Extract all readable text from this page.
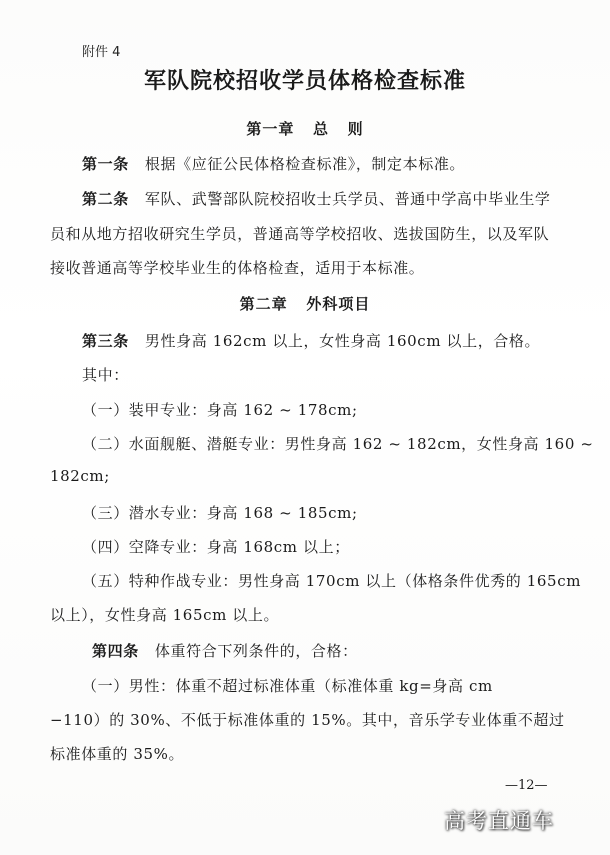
附件 4
军队院校招收学员体格检查标准
第一章   总   则
第一条 根据《应征公民体格检查标准》，制定本标准。
第二条 军队、武警部队院校招收士兵学员、普通中学高中毕业生学
员和从地方招收研究生学员，普通高等学校招收、选拔国防生，以及军队
接收普通高等学校毕业生的体格检查，适用于本标准。
第二章   外科项目
第三条 男性身高 162cm 以上，女性身高 160cm 以上，合格。
其中：
（一）装甲专业：身高 162 ~ 178cm;
（二）水面舰艇、潜艇专业：男性身高 162 ~ 182cm，女性身高 160 ~
182cm;
（三）潜水专业：身高 168 ~ 185cm;
（四）空降专业：身高 168cm 以上；
（五）特种作战专业：男性身高 170cm 以上（体格条件优秀的 165cm
以上），女性身高 165cm 以上。
第四条 体重符合下列条件的，合格：
（一）男性：体重不超过标准体重（标准体重 kg=身高 cm
−110）的 30%、不低于标准体重的 15%。其中，音乐学专业体重不超过
标准体重的 35%。
—12—
高考直通车
